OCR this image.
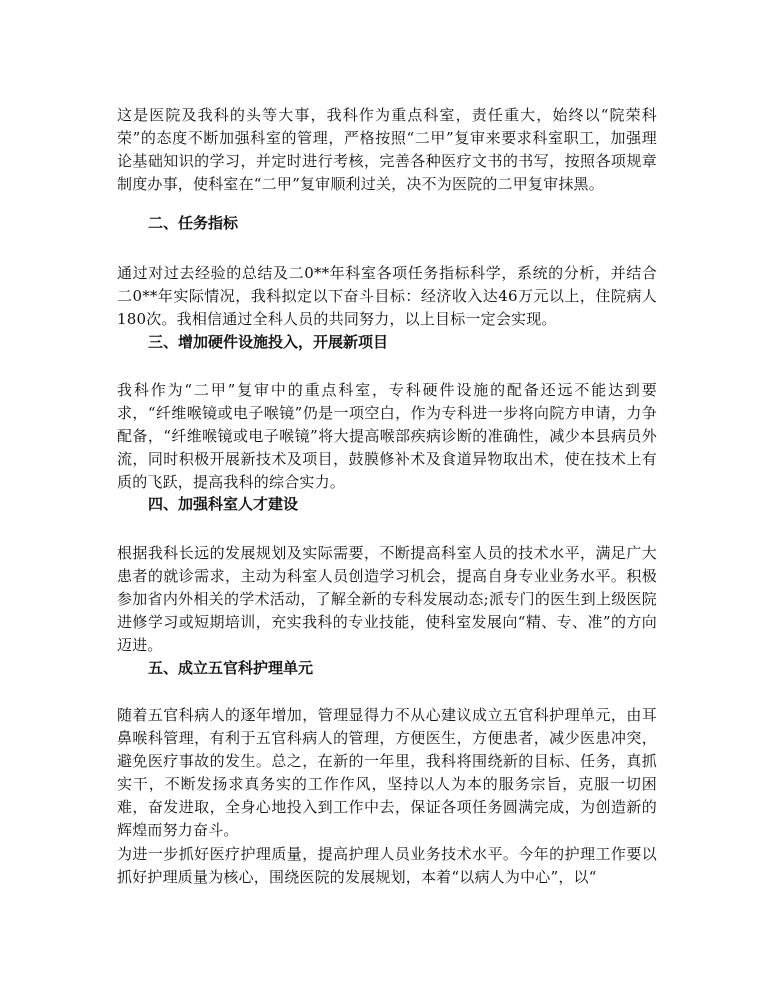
这是医院及我科的头等大事，我科作为重点科室，责任重大，始终以“院荣科荣”的态度不断加强科室的管理，严格按照“二甲”复审来要求科室职工，加强理论基础知识的学习，并定时进行考核，完善各种医疗文书的书写，按照各项规章制度办事，使科室在“二甲”复审顺利过关，决不为医院的二甲复审抹黑。

二、任务指标

通过对过去经验的总结及二0**年科室各项任务指标科学，系统的分析，并结合二0**年实际情况，我科拟定以下奋斗目标：经济收入达46万元以上，住院病人180次。我相信通过全科人员的共同努力，以上目标一定会实现。

三、增加硬件设施投入，开展新项目

我科作为“二甲”复审中的重点科室，专科硬件设施的配备还远不能达到要求，“纤维喉镜或电子喉镜”仍是一项空白，作为专科进一步将向院方申请，力争配备，“纤维喉镜或电子喉镜”将大提高喉部疾病诊断的准确性，减少本县病员外流，同时积极开展新技术及项目，鼓膜修补术及食道异物取出术，使在技术上有质的飞跃，提高我科的综合实力。

四、加强科室人才建设

根据我科长远的发展规划及实际需要，不断提高科室人员的技术水平，满足广大患者的就诊需求，主动为科室人员创造学习机会，提高自身专业业务水平。积极参加省内外相关的学术活动，了解全新的专科发展动态;派专门的医生到上级医院进修学习或短期培训，充实我科的专业技能，使科室发展向“精、专、准”的方向迈进。

五、成立五官科护理单元

随着五官科病人的逐年增加，管理显得力不从心建议成立五官科护理单元，由耳鼻喉科管理，有利于五官科病人的管理，方便医生，方便患者，减少医患冲突，避免医疗事故的发生。总之，在新的一年里，我科将围绕新的目标、任务，真抓实干，不断发扬求真务实的工作作风，坚持以人为本的服务宗旨，克服一切困难，奋发进取，全身心地投入到工作中去，保证各项任务圆满完成，为创造新的辉煌而努力奋斗。

为进一步抓好医疗护理质量，提高护理人员业务技术水平。今年的护理工作要以抓好护理质量为核心，围绕医院的发展规划，本着“以病人为中心”，以“
